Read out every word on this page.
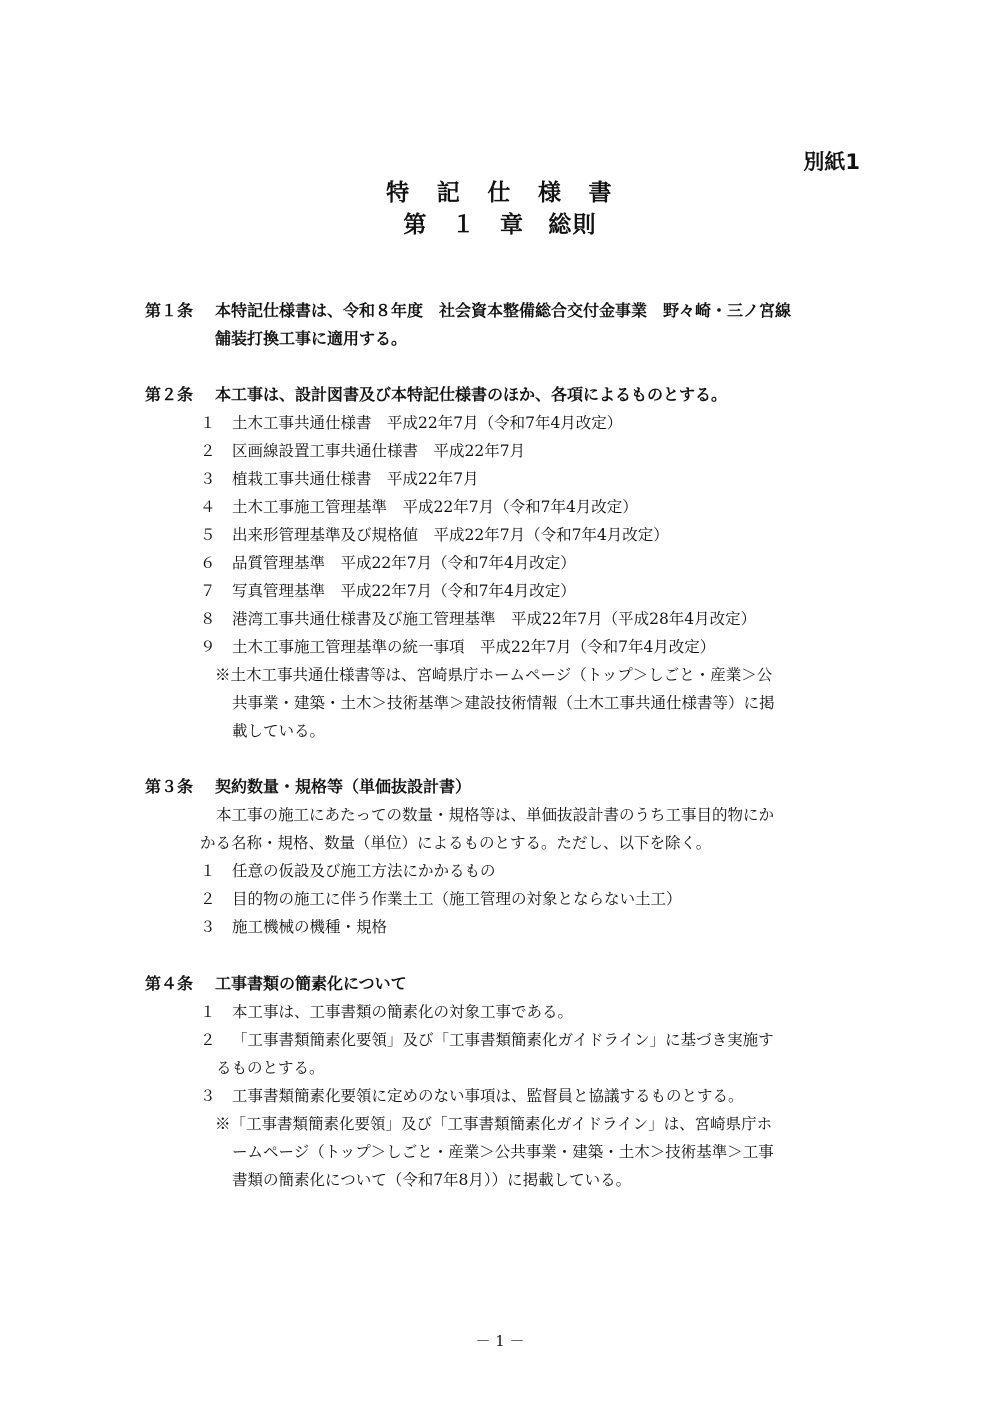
別紙1
特　記　仕　様　書
第　１　章　総則
第１条 本特記仕様書は、令和８年度　社会資本整備総合交付金事業　野々崎・三ノ宮線
舗装打換工事に適用する。
第２条 本工事は、設計図書及び本特記仕様書のほか、各項によるものとする。
１ 土木工事共通仕様書　平成22年7月（令和7年4月改定）
２ 区画線設置工事共通仕様書　平成22年7月
３ 植栽工事共通仕様書　平成22年7月
４ 土木工事施工管理基準　平成22年7月（令和7年4月改定）
５ 出来形管理基準及び規格値　平成22年7月（令和7年4月改定）
６ 品質管理基準　平成22年7月（令和7年4月改定）
７ 写真管理基準　平成22年7月（令和7年4月改定）
８ 港湾工事共通仕様書及び施工管理基準　平成22年7月（平成28年4月改定）
９ 土木工事施工管理基準の統一事項　平成22年7月（令和7年4月改定）
※土木工事共通仕様書等は、宮崎県庁ホームページ（トップ＞しごと・産業＞公
共事業・建築・土木＞技術基準＞建設技術情報（土木工事共通仕様書等）に掲
載している。
第３条 契約数量・規格等（単価抜設計書）
本工事の施工にあたっての数量・規格等は、単価抜設計書のうち工事目的物にか
かる名称・規格、数量（単位）によるものとする。ただし、以下を除く。
１ 任意の仮設及び施工方法にかかるもの
２ 目的物の施工に伴う作業土工（施工管理の対象とならない土工）
３ 施工機械の機種・規格
第４条 工事書類の簡素化について
１ 本工事は、工事書類の簡素化の対象工事である。
２ 「工事書類簡素化要領」及び「工事書類簡素化ガイドライン」に基づき実施す
るものとする。
３ 工事書類簡素化要領に定めのない事項は、監督員と協議するものとする。
※「工事書類簡素化要領」及び「工事書類簡素化ガイドライン」は、宮崎県庁ホ
ームページ（トップ＞しごと・産業＞公共事業・建築・土木＞技術基準＞工事
書類の簡素化について（令和7年8月））に掲載している。
－ 1 －
